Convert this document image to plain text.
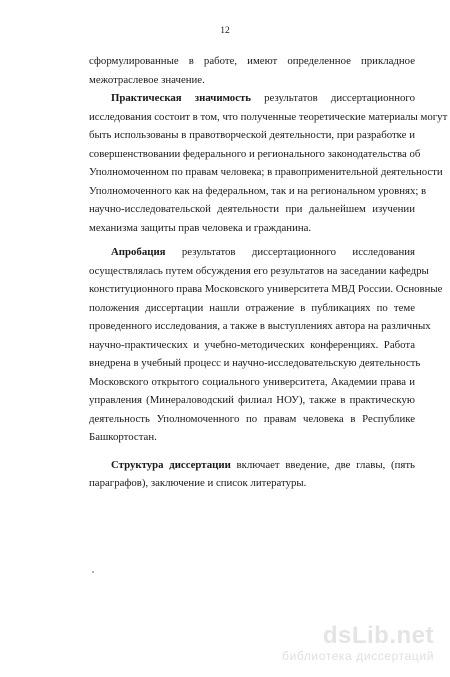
12
сформулированные в работе, имеют определенное прикладное
межотраслевое значение.
Практическая значимость результатов диссертационного
исследования состоит в том, что полученные теоретические материалы могут
быть использованы в правотворческой деятельности, при разработке и
совершенствовании федерального и регионального законодательства об
Уполномоченном по правам человека; в правоприменительной деятельности
Уполномоченного как на федеральном, так и на региональном уровнях; в
научно-исследовательской деятельности при дальнейшем изучении
механизма защиты прав человека и гражданина.
Апробация результатов диссертационного исследования
осуществлялась путем обсуждения его результатов на заседании кафедры
конституционного права Московского университета МВД России. Основные
положения диссертации нашли отражение в публикациях по теме
проведенного исследования, а также в выступлениях автора на различных
научно-практических и учебно-методических конференциях. Работа
внедрена в учебный процесс и научно-исследовательскую деятельность
Московского открытого социального университета, Академии права и
управления (Минераловодский филиал НОУ), также в практическую
деятельность Уполномоченного по правам человека в Республике
Башкортостан.
Структура диссертации включает введение, две главы, (пять
параграфов), заключение и список литературы.
dsLib.net
библиотека диссертаций
